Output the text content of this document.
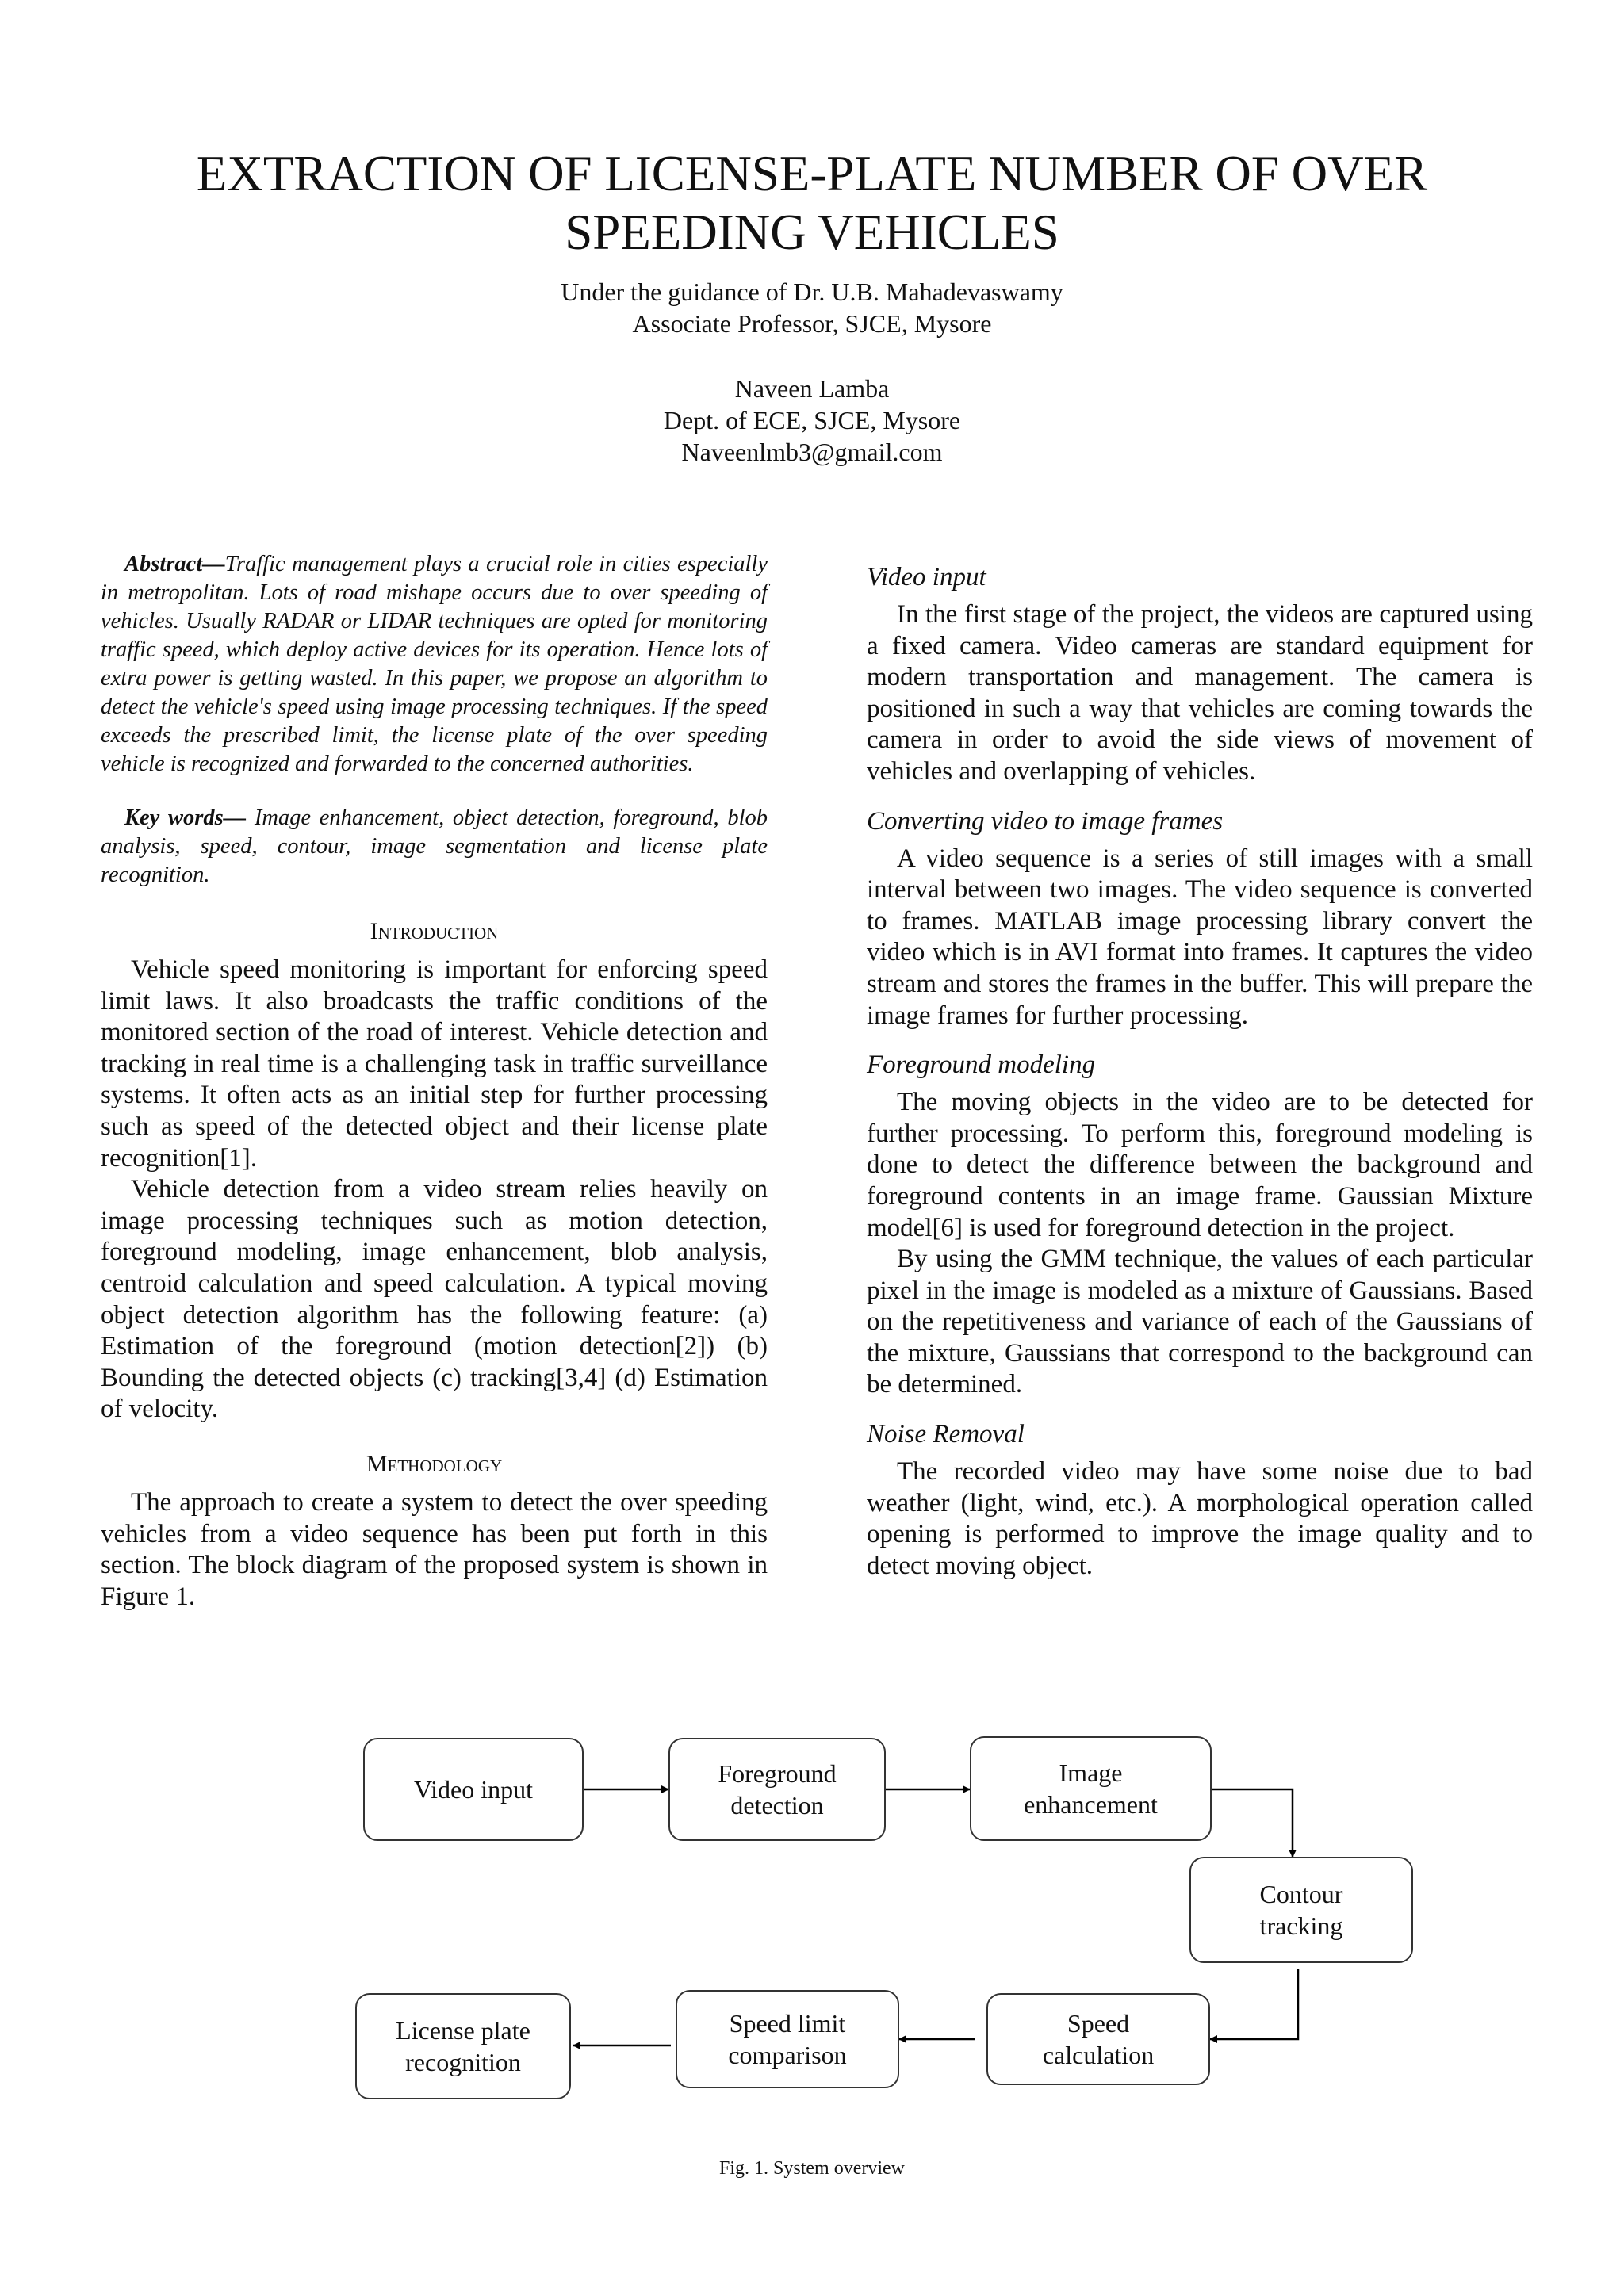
EXTRACTION OF LICENSE-PLATE NUMBER OF OVER
SPEEDING VEHICLES
Under the guidance of Dr. U.B. Mahadevaswamy
Associate Professor, SJCE, Mysore
Naveen Lamba
Dept. of ECE, SJCE, Mysore
Naveenlmb3@gmail.com

Abstract—Traffic management plays a crucial role in cities especially in metropolitan. Lots of road mishape occurs due to over speeding of vehicles. Usually RADAR or LIDAR techniques are opted for monitoring traffic speed, which deploy active devices for its operation. Hence lots of extra power is getting wasted. In this paper, we propose an algorithm to detect the vehicle's speed using image processing techniques. If the speed exceeds the prescribed limit, the license plate of the over speeding vehicle is recognized and forwarded to the concerned authorities.

Key words— Image enhancement, object detection, foreground, blob analysis, speed, contour, image segmentation and license plate recognition.

Introduction

Vehicle speed monitoring is important for enforcing speed limit laws. It also broadcasts the traffic conditions of the monitored section of the road of interest. Vehicle detection and tracking in real time is a challenging task in traffic surveillance systems. It often acts as an initial step for further processing such as speed of the detected object and their license plate recognition[1].

Vehicle detection from a video stream relies heavily on image processing techniques such as motion detection, foreground modeling, image enhancement, blob analysis, centroid calculation and speed calculation. A typical moving object detection algorithm has the following feature: (a) Estimation of the foreground (motion detection[2]) (b) Bounding the detected objects (c) tracking[3,4] (d) Estimation of velocity.

Methodology

The approach to create a system to detect the over speeding vehicles from a video sequence has been put forth in this section. The block diagram of the proposed system is shown in Figure 1.

Video input

In the first stage of the project, the videos are captured using a fixed camera. Video cameras are standard equipment for modern transportation and management. The camera is positioned in such a way that vehicles are coming towards the camera in order to avoid the side views of movement of vehicles and overlapping of vehicles.

Converting video to image frames

A video sequence is a series of still images with a small interval between two images. The video sequence is converted to frames. MATLAB image processing library convert the video which is in AVI format into frames. It captures the video stream and stores the frames in the buffer. This will prepare the image frames for further processing.

Foreground modeling

The moving objects in the video are to be detected for further processing. To perform this, foreground modeling is done to detect the difference between the background and foreground contents in an image frame. Gaussian Mixture model[6] is used for foreground detection in the project.

By using the GMM technique, the values of each particular pixel in the image is modeled as a mixture of Gaussians. Based on the repetitiveness and variance of each of the Gaussians of the mixture, Gaussians that correspond to the background can be determined.

Noise Removal

The recorded video may have some noise due to bad weather (light, wind, etc.). A morphological operation called opening is performed to improve the image quality and to detect moving object.

Video input
Foreground
detection
Image
enhancement
Contour
tracking
Speed
calculation
Speed limit
comparison
License plate
recognition
Fig. 1. System overview
